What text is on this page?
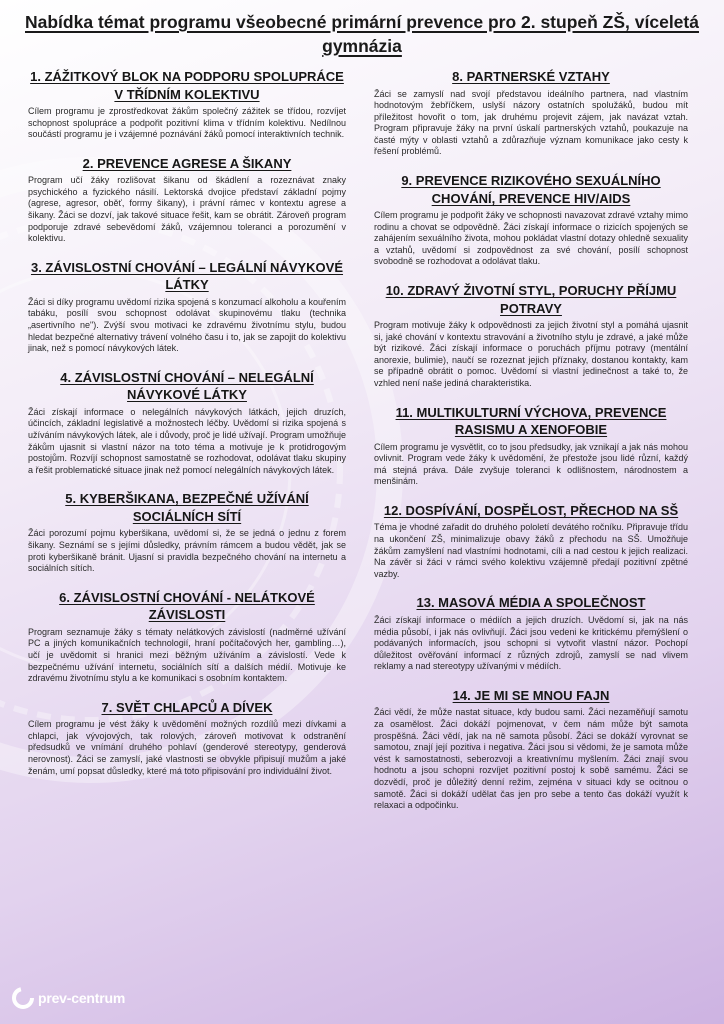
Nabídka témat programu všeobecné primární prevence pro 2. stupeň ZŠ, víceletá gymnázia
1. ZÁŽITKOVÝ BLOK NA PODPORU SPOLUPRÁCE V TŘÍDNÍM KOLEKTIVU

Cílem programu je zprostředkovat žákům společný zážitek se třídou, rozvíjet schopnost spolupráce a podpořit pozitivní klima v třídním kolektivu. Nedílnou součástí programu je i vzájemné poznávání žáků pomocí interaktivních technik.

2. PREVENCE AGRESE A ŠIKANY

Program učí žáky rozlišovat šikanu od škádlení a rozeznávat znaky psychického a fyzického násilí. Lektorská dvojice představí základní pojmy (agrese, agresor, oběť, formy šikany), i právní rámec v kontextu agrese a šikany. Žáci se dozví, jak takové situace řešit, kam se obrátit. Zároveň program podporuje zdravé sebevědomí žáků, vzájemnou toleranci a porozumění v kolektivu.

3. ZÁVISLOSTNÍ CHOVÁNÍ – LEGÁLNÍ NÁVYKOVÉ LÁTKY

Žáci si díky programu uvědomí rizika spojená s konzumací alkoholu a kouřením tabáku, posílí svou schopnost odolávat skupinovému tlaku (technika „asertivního ne"). Zvýší svou motivaci ke zdravému životnímu stylu, budou hledat bezpečné alternativy trávení volného času i to, jak se zapojit do kolektivu jinak, než s pomocí návykových látek.

4. ZÁVISLOSTNÍ CHOVÁNÍ – NELEGÁLNÍ NÁVYKOVÉ LÁTKY

Žáci získají informace o nelegálních návykových látkách, jejich druzích, účincích, základní legislativě a možnostech léčby. Uvědomí si rizika spojená s užíváním návykových látek, ale i důvody, proč je lidé užívají. Program umožňuje žákům ujasnit si vlastní názor na toto téma a motivuje je k protidrogovým postojům. Rozvíjí schopnost samostatně se rozhodovat, odolávat tlaku skupiny a řešit problematické situace jinak než pomocí nelegálních návykových látek.

5. KYBERŠIKANA, BEZPEČNÉ UŽÍVÁNÍ SOCIÁLNÍCH SÍTÍ

Žáci porozumí pojmu kyberšikana, uvědomí si, že se jedná o jednu z forem šikany. Seznámí se s jejími důsledky, právním rámcem a budou vědět, jak se proti kyberšikaně bránit. Ujasní si pravidla bezpečného chování na internetu a sociálních sítích.

6. ZÁVISLOSTNÍ CHOVÁNÍ - NELÁTKOVÉ ZÁVISLOSTI

Program seznamuje žáky s tématy nelátkových závislostí (nadměrné užívání PC a jiných komunikačních technologií, hraní počítačových her, gambling…), učí je uvědomit si hranici mezi běžným užíváním a závislostí. Vede k bezpečnému užívání internetu, sociálních sítí a dalších médií. Motivuje ke zdravému životnímu stylu a ke komunikaci s osobním kontaktem.

7. SVĚT CHLAPCŮ A DÍVEK

Cílem programu je vést žáky k uvědomění možných rozdílů mezi dívkami a chlapci, jak vývojových, tak rolových, zároveň motivovat k odstranění předsudků ve vnímání druhého pohlaví (genderové stereotypy, genderová nerovnost). Žáci se zamyslí, jaké vlastnosti se obvykle připisují mužům a jaké ženám, umí popsat důsledky, které má toto připisování pro individuální život.

8. PARTNERSKÉ VZTAHY

Žáci se zamyslí nad svojí představou ideálního partnera, nad vlastním hodnotovým žebříčkem, uslyší názory ostatních spolužáků, budou mít příležitost hovořit o tom, jak druhému projevit zájem, jak navázat vztah. Program připravuje žáky na první úskalí partnerských vztahů, poukazuje na časté mýty v oblasti vztahů a zdůrazňuje význam komunikace jako cesty k řešení problémů.

9. PREVENCE RIZIKOVÉHO SEXUÁLNÍHO CHOVÁNÍ, PREVENCE HIV/AIDS

Cílem programu je podpořit žáky ve schopnosti navazovat zdravé vztahy mimo rodinu a chovat se odpovědně. Žáci získají informace o rizicích spojených se zahájením sexuálního života, mohou pokládat vlastní dotazy ohledně sexuality a vztahů, uvědomí si zodpovědnost za své chování, posílí schopnost svobodně se rozhodovat a odolávat tlaku.

10. ZDRAVÝ ŽIVOTNÍ STYL, PORUCHY PŘÍJMU POTRAVY

Program motivuje žáky k odpovědnosti za jejich životní styl a pomáhá ujasnit si, jaké chování v kontextu stravování a životního stylu je zdravé, a jaké může být rizikové. Žáci získají informace o poruchách příjmu potravy (mentální anorexie, bulimie), naučí se rozeznat jejich příznaky, dostanou kontakty, kam se případně obrátit o pomoc. Uvědomí si vlastní jedinečnost a také to, že vzhled není naše jediná charakteristika.

11. MULTIKULTURNÍ VÝCHOVA, PREVENCE RASISMU A XENOFOBIE

Cílem programu je vysvětlit, co to jsou předsudky, jak vznikají a jak nás mohou ovlivnit. Program vede žáky k uvědomění, že přestože jsou lidé různí, každý má stejná práva. Dále zvyšuje toleranci k odlišnostem, národnostem a menšinám.

12. DOSPÍVÁNÍ, DOSPĚLOST, PŘECHOD NA SŠ

Téma je vhodné zařadit do druhého pololetí devátého ročníku. Připravuje třídu na ukončení ZŠ, minimalizuje obavy žáků z přechodu na SŠ. Umožňuje žákům zamyšlení nad vlastními hodnotami, cíli a nad cestou k jejich realizaci. Na závěr si žáci v rámci svého kolektivu vzájemně předají pozitivní zpětné vazby.

13. MASOVÁ MÉDIA A SPOLEČNOST

Žáci získají informace o médiích a jejich druzích. Uvědomí si, jak na nás média působí, i jak nás ovlivňují. Žáci jsou vedeni ke kritickému přemýšlení o podávaných informacích, jsou schopni si vytvořit vlastní názor. Pochopí důležitost ověřování informací z různých zdrojů, zamyslí se nad vlivem reklamy a nad stereotypy užívanými v médiích.

14. JE MI SE MNOU FAJN

Žáci vědí, že může nastat situace, kdy budou sami. Žáci nezaměňují samotu za osamělost. Žáci dokáží pojmenovat, v čem nám může být samota prospěšná. Žáci vědí, jak na ně samota působí. Žáci se dokáží vyrovnat se samotou, znají její pozitiva i negativa. Žáci jsou si vědomi, že je samota může vést k samostatnosti, seberozvoji a kreativnímu myšlením. Žáci znají svou hodnotu a jsou schopni rozvíjet pozitivní postoj k sobě samému. Žáci se dozvědí, proč je důležitý denní režim, zejména v situaci kdy se ocitnou o samotě. Žáci si dokáží udělat čas jen pro sebe a tento čas dokáží využít k relaxaci a odpočinku.

prev-centrum
